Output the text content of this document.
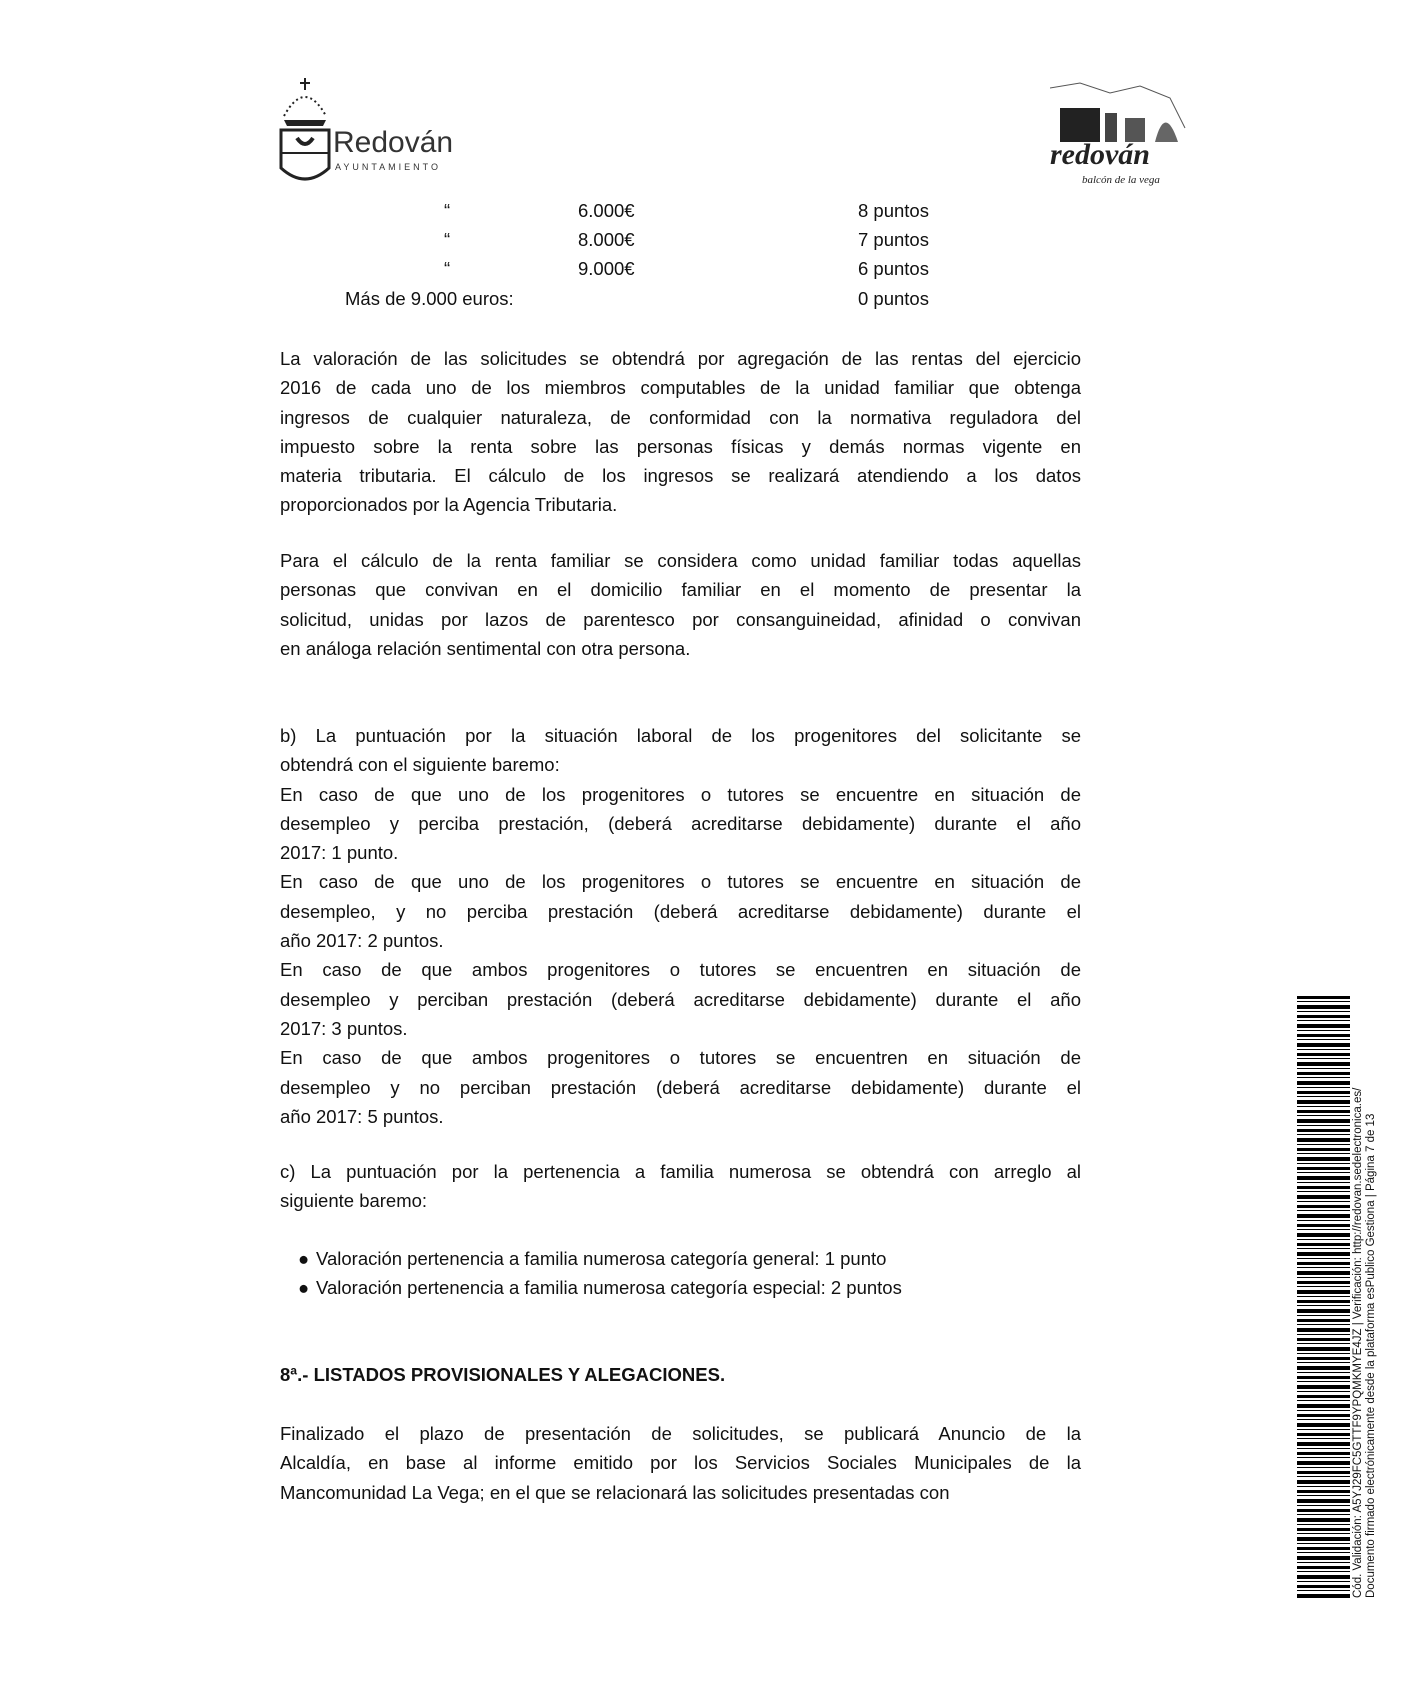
Redován
AYUNTAMIENTO	redován
balcón de la vega
“	6.000€	8 puntos
“	8.000€	7 puntos
“	9.000€	6 puntos
Más de 9.000 euros:	0 puntos
La valoración de las solicitudes se obtendrá por agregación de las rentas del ejercicio
2016 de cada uno de los miembros computables de la unidad familiar que obtenga
ingresos de cualquier naturaleza, de conformidad con la normativa reguladora del
impuesto sobre la renta sobre las personas físicas y demás normas vigente en
materia tributaria. El cálculo de los ingresos se realizará atendiendo a los datos
proporcionados por la Agencia Tributaria.
Para el cálculo de la renta familiar se considera como unidad familiar todas aquellas
personas que convivan en el domicilio familiar en el momento de presentar la
solicitud, unidas por lazos de parentesco por consanguineidad, afinidad o convivan
en análoga relación sentimental con otra persona.
b) La puntuación por la situación laboral de los progenitores del solicitante se
obtendrá con el siguiente baremo:
En caso de que uno de los progenitores o tutores se encuentre en situación de
desempleo y perciba prestación, (deberá acreditarse debidamente) durante el año
2017: 1 punto.
En caso de que uno de los progenitores o tutores se encuentre en situación de
desempleo, y no perciba prestación (deberá acreditarse debidamente) durante el
año 2017: 2 puntos.
En caso de que ambos progenitores o tutores se encuentren en situación de
desempleo y perciban prestación (deberá acreditarse debidamente) durante el año
2017: 3 puntos.
En caso de que ambos progenitores o tutores se encuentren en situación de
desempleo y no perciban prestación (deberá acreditarse debidamente) durante el
año 2017: 5 puntos.
c) La puntuación por la pertenencia a familia numerosa se obtendrá con arreglo al
siguiente baremo:
● Valoración pertenencia a familia numerosa categoría general: 1 punto
● Valoración pertenencia a familia numerosa categoría especial: 2 puntos
8ª.- LISTADOS PROVISIONALES Y ALEGACIONES.
Finalizado el plazo de presentación de solicitudes, se publicará Anuncio de la
Alcaldía, en base al informe emitido por los Servicios Sociales Municipales de la
Mancomunidad La Vega; en el que se relacionará las solicitudes presentadas con	Cód. Validación: A5YJ29FC5GTTF9YPQMKMYE4JZ | Verificación: http://redovan.sedelectronica.es/ Documento firmado electrónicamente desde la plataforma esPublico Gestiona | Página 7 de 13
